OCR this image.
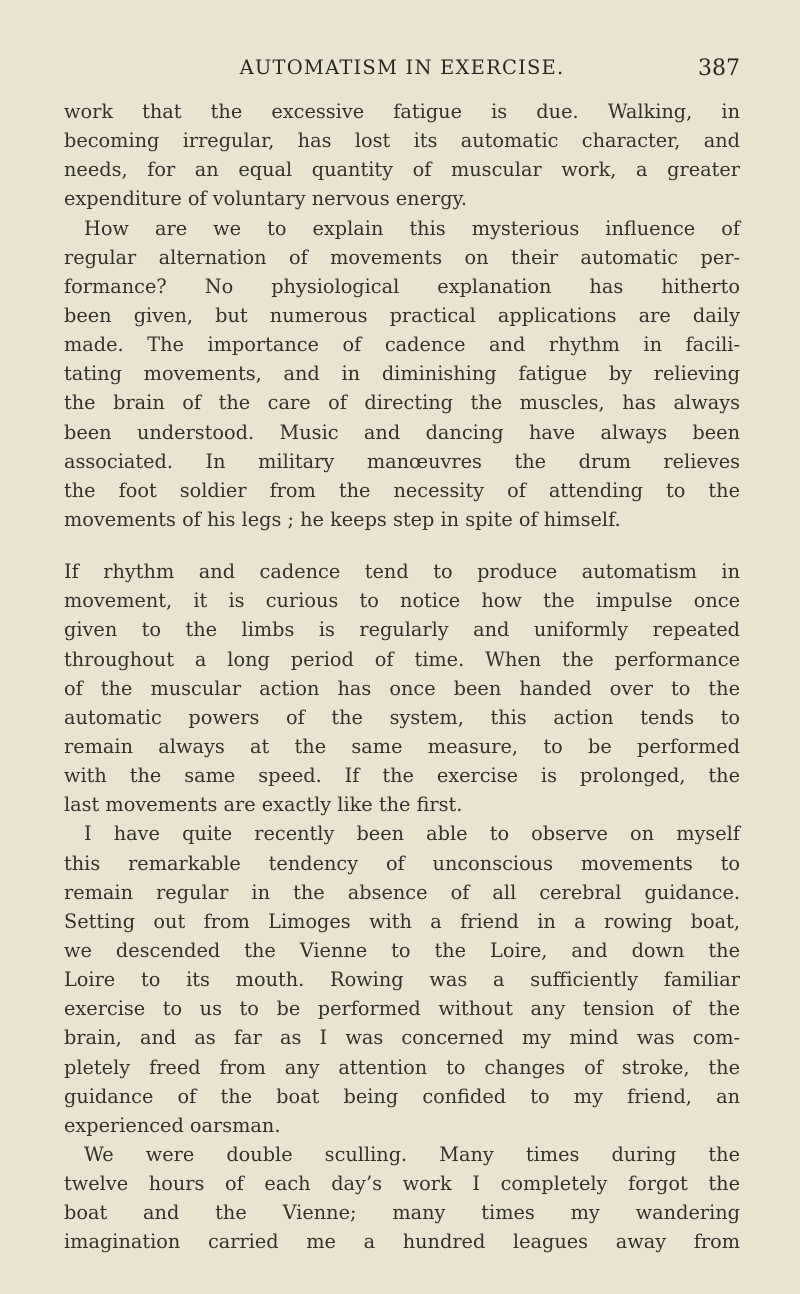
AUTOMATISM IN EXERCISE.	387
work that the excessive fatigue is due. Walking, in
becoming irregular, has lost its automatic character, and
needs, for an equal quantity of muscular work, a greater
expenditure of voluntary nervous energy.
How are we to explain this mysterious influence of
regular alternation of movements on their automatic per-
formance? No physiological explanation has hitherto
been given, but numerous practical applications are daily
made. The importance of cadence and rhythm in facili-
tating movements, and in diminishing fatigue by relieving
the brain of the care of directing the muscles, has always
been understood. Music and dancing have always been
associated. In military manœuvres the drum relieves
the foot soldier from the necessity of attending to the
movements of his legs ; he keeps step in spite of himself.
If rhythm and cadence tend to produce automatism in
movement, it is curious to notice how the impulse once
given to the limbs is regularly and uniformly repeated
throughout a long period of time. When the performance
of the muscular action has once been handed over to the
automatic powers of the system, this action tends to
remain always at the same measure, to be performed
with the same speed. If the exercise is prolonged, the
last movements are exactly like the first.
I have quite recently been able to observe on myself
this remarkable tendency of unconscious movements to
remain regular in the absence of all cerebral guidance.
Setting out from Limoges with a friend in a rowing boat,
we descended the Vienne to the Loire, and down the
Loire to its mouth. Rowing was a sufficiently familiar
exercise to us to be performed without any tension of the
brain, and as far as I was concerned my mind was com-
pletely freed from any attention to changes of stroke, the
guidance of the boat being confided to my friend, an
experienced oarsman.
We were double sculling. Many times during the
twelve hours of each day’s work I completely forgot the
boat and the Vienne; many times my wandering
imagination carried me a hundred leagues away from
